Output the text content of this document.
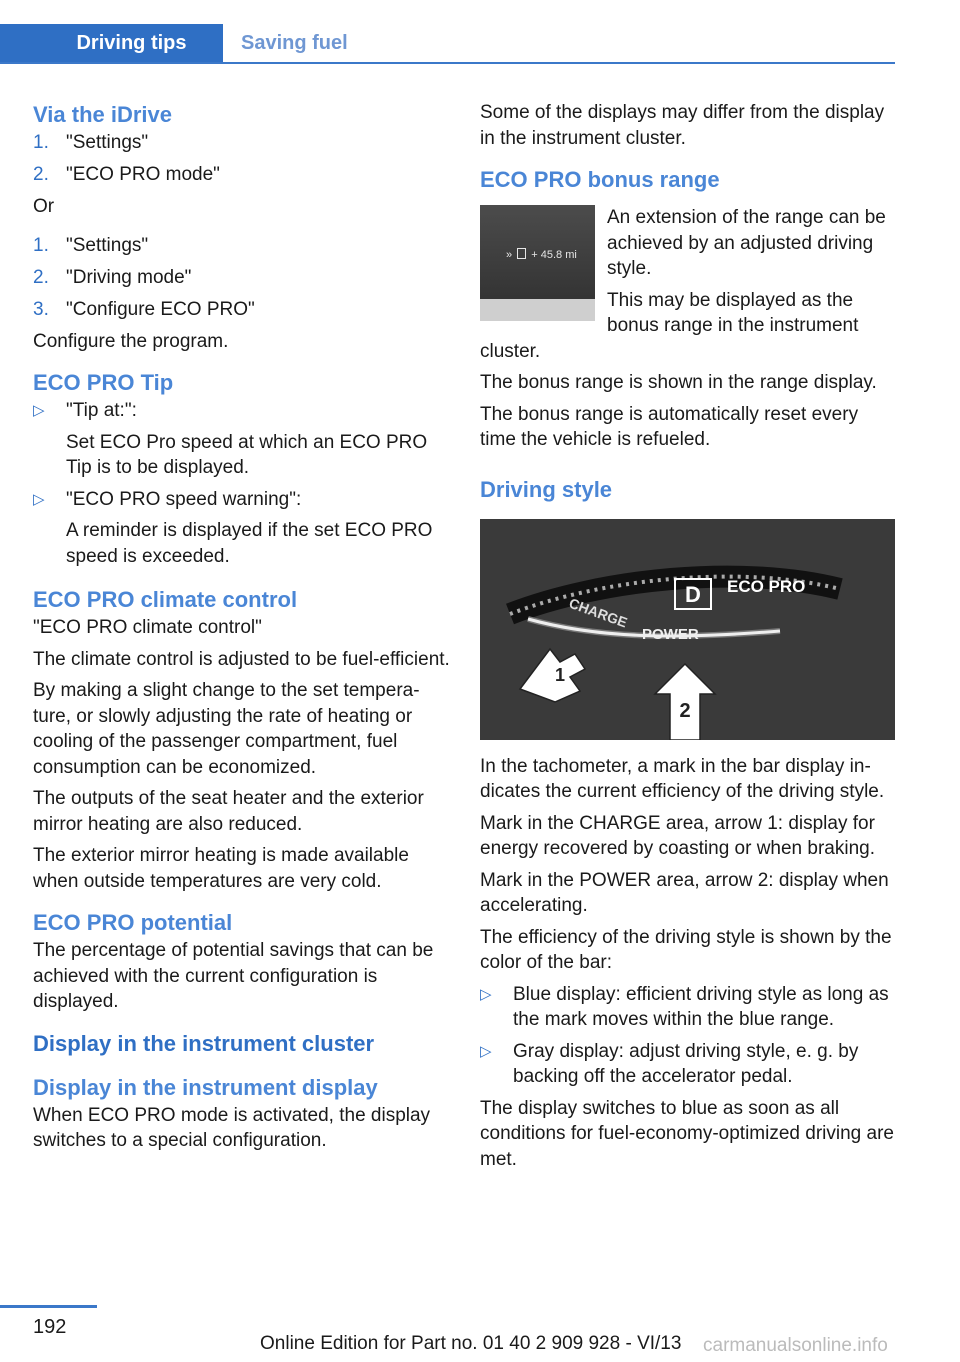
Driving tips	Saving fuel
Via the iDrive
1. "Settings"
2. "ECO PRO mode"

Or

1. "Settings"
2. "Driving mode"
3. "Configure ECO PRO"

Configure the program.

ECO PRO Tip
▷ "Tip at:":
Set ECO Pro speed at which an ECO PRO Tip is to be displayed.
▷ "ECO PRO speed warning":
A reminder is displayed if the set ECO PRO speed is exceeded.
ECO PRO climate control

"ECO PRO climate control"

The climate control is adjusted to be fuel-efficient.

By making a slight change to the set temperature, or slowly adjusting the rate of heating or cooling of the passenger compartment, fuel consumption can be economized.

The outputs of the seat heater and the exterior mirror heating are also reduced.

The exterior mirror heating is made available when outside temperatures are very cold.

ECO PRO potential

The percentage of potential savings that can be achieved with the current configuration is displayed.

Display in the instrument cluster
Display in the instrument display

When ECO PRO mode is activated, the display switches to a special configuration.

Some of the displays may differ from the display in the instrument cluster.

ECO PRO bonus range
» + 45.8 mi

An extension of the range can be achieved by an adjusted driving style.

This may be displayed as the bonus range in the instrument cluster.

The bonus range is shown in the range display.

The bonus range is automatically reset every time the vehicle is refueled.

Driving style
D ECO PRO
CHARGE
POWER
1
2

In the tachometer, a mark in the bar display indicates the current efficiency of the driving style.

Mark in the CHARGE area, arrow 1: display for energy recovered by coasting or when braking.

Mark in the POWER area, arrow 2: display when accelerating.

The efficiency of the driving style is shown by the color of the bar:

▷ Blue display: efficient driving style as long as the mark moves within the blue range.
▷ Gray display: adjust driving style, e. g. by backing off the accelerator pedal.

The display switches to blue as soon as all conditions for fuel-economy-optimized driving are met.

192
Online Edition for Part no. 01 40 2 909 928 - VI/13 carmanualsonline.info
